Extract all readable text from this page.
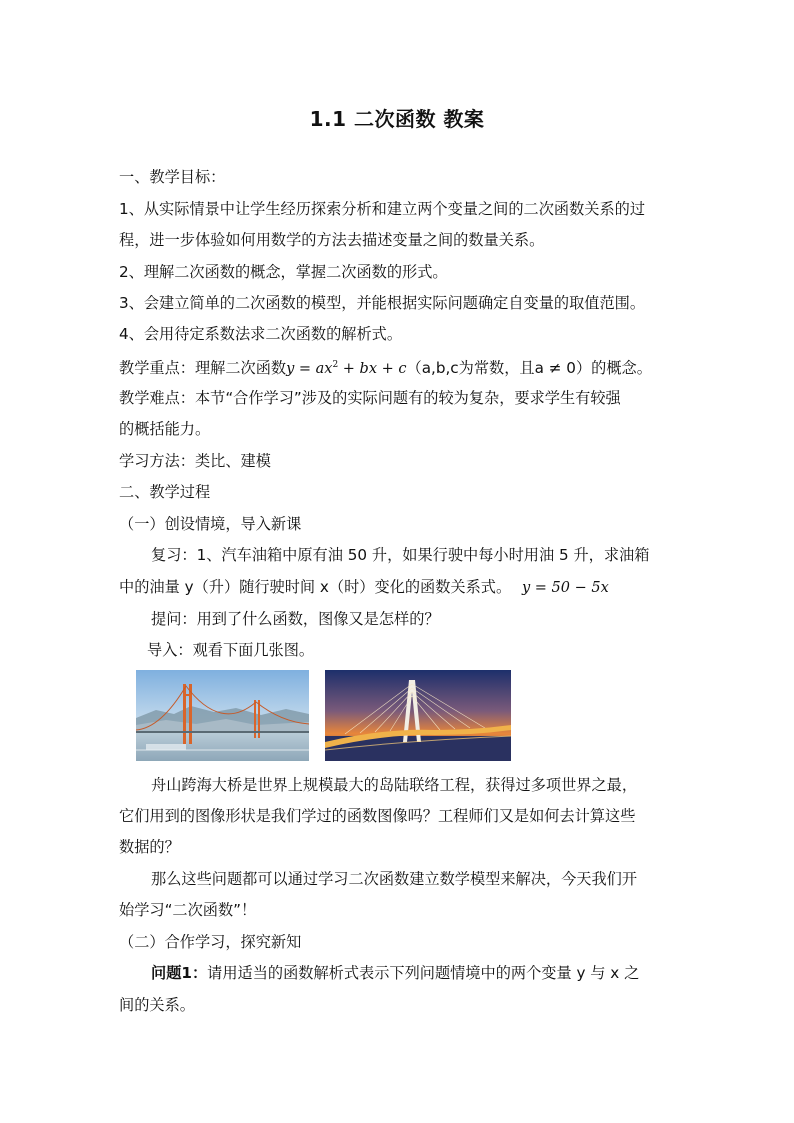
1.1 二次函数 教案
一、教学目标：
1、从实际情景中让学生经历探索分析和建立两个变量之间的二次函数关系的过
程，进一步体验如何用数学的方法去描述变量之间的数量关系。
2、理解二次函数的概念，掌握二次函数的形式。
3、会建立简单的二次函数的模型，并能根据实际问题确定自变量的取值范围。
4、会用待定系数法求二次函数的解析式。
教学重点：理解二次函数$y = ax^2$ + bx + c（a,b,c为常数，且a ≠ 0）的概念。
教学难点：本节“合作学习”涉及的实际问题有的较为复杂，要求学生有较强
的概括能力。
学习方法：类比、建模
二、教学过程
（一）创设情境，导入新课
复习：1、汽车油箱中原有油 50 升，如果行驶中每小时用油 5 升，求油箱
中的油量 y（升）随行驶时间 x（时）变化的函数关系式。 y = 50 − 5x
提问：用到了什么函数，图像又是怎样的？
导入：观看下面几张图。
舟山跨海大桥是世界上规模最大的岛陆联络工程，获得过多项世界之最，
它们用到的图像形状是我们学过的函数图像吗？工程师们又是如何去计算这些
数据的？
那么这些问题都可以通过学习二次函数建立数学模型来解决，今天我们开
始学习“二次函数”！
（二）合作学习，探究新知
问题1：请用适当的函数解析式表示下列问题情境中的两个变量 y 与 x 之
间的关系。
